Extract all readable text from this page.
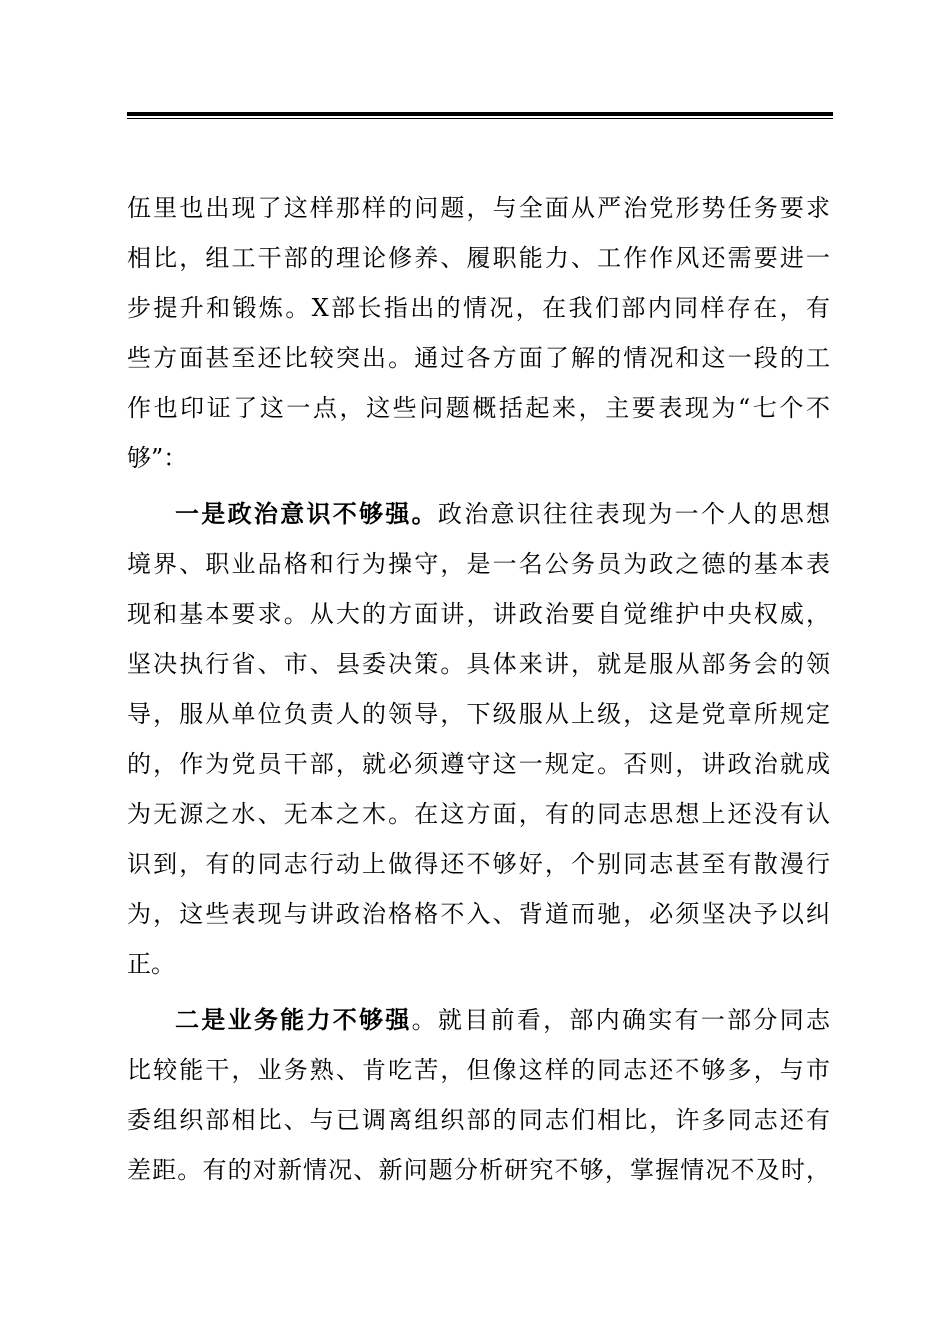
伍里也出现了这样那样的问题，与全面从严治党形势任务要求
相比，组工干部的理论修养、履职能力、工作作风还需要进一
步提升和锻炼。X部长指出的情况，在我们部内同样存在，有
些方面甚至还比较突出。通过各方面了解的情况和这一段的工
作也印证了这一点，这些问题概括起来，主要表现为“七个不
够”：
一是政治意识不够强。政治意识往往表现为一个人的思想
境界、职业品格和行为操守，是一名公务员为政之德的基本表
现和基本要求。从大的方面讲，讲政治要自觉维护中央权威，
坚决执行省、市、县委决策。具体来讲，就是服从部务会的领
导，服从单位负责人的领导，下级服从上级，这是党章所规定
的，作为党员干部，就必须遵守这一规定。否则，讲政治就成
为无源之水、无本之木。在这方面，有的同志思想上还没有认
识到，有的同志行动上做得还不够好，个别同志甚至有散漫行
为，这些表现与讲政治格格不入、背道而驰，必须坚决予以纠
正。
二是业务能力不够强。就目前看，部内确实有一部分同志
比较能干，业务熟、肯吃苦，但像这样的同志还不够多，与市
委组织部相比、与已调离组织部的同志们相比，许多同志还有
差距。有的对新情况、新问题分析研究不够，掌握情况不及时，
